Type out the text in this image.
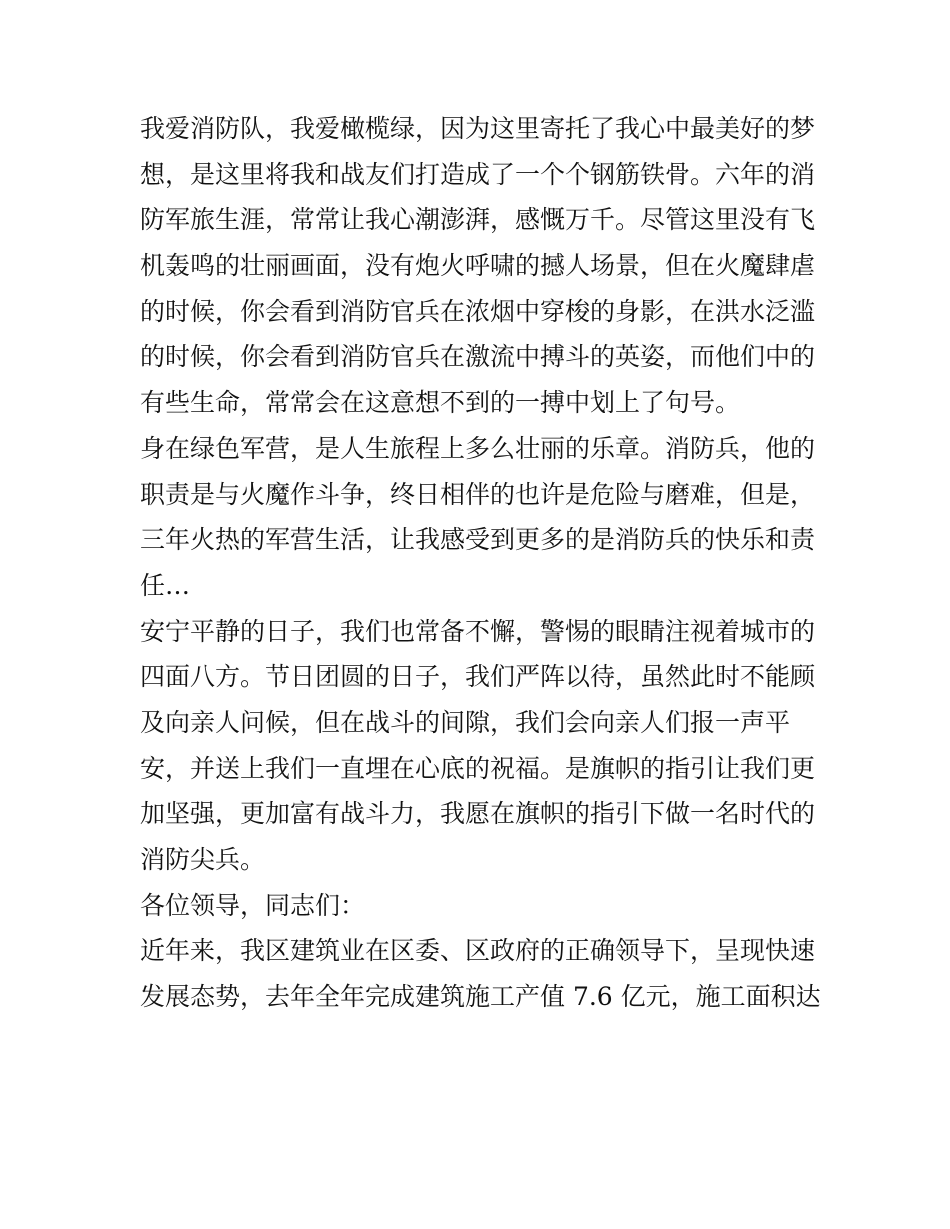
我爱消防队，我爱橄榄绿，因为这里寄托了我心中最美好的梦
想，是这里将我和战友们打造成了一个个钢筋铁骨。六年的消
防军旅生涯，常常让我心潮澎湃，感慨万千。尽管这里没有飞
机轰鸣的壮丽画面，没有炮火呼啸的撼人场景，但在火魔肆虐
的时候，你会看到消防官兵在浓烟中穿梭的身影，在洪水泛滥
的时候，你会看到消防官兵在激流中搏斗的英姿，而他们中的
有些生命，常常会在这意想不到的一搏中划上了句号。
身在绿色军营，是人生旅程上多么壮丽的乐章。消防兵，他的
职责是与火魔作斗争，终日相伴的也许是危险与磨难，但是，
三年火热的军营生活，让我感受到更多的是消防兵的快乐和责
任…
安宁平静的日子，我们也常备不懈，警惕的眼睛注视着城市的
四面八方。节日团圆的日子，我们严阵以待，虽然此时不能顾
及向亲人问候，但在战斗的间隙，我们会向亲人们报一声平
安，并送上我们一直埋在心底的祝福。是旗帜的指引让我们更
加坚强，更加富有战斗力，我愿在旗帜的指引下做一名时代的
消防尖兵。
各位领导，同志们：
近年来，我区建筑业在区委、区政府的正确领导下，呈现快速
发展态势，去年全年完成建筑施工产值 7.6 亿元，施工面积达
